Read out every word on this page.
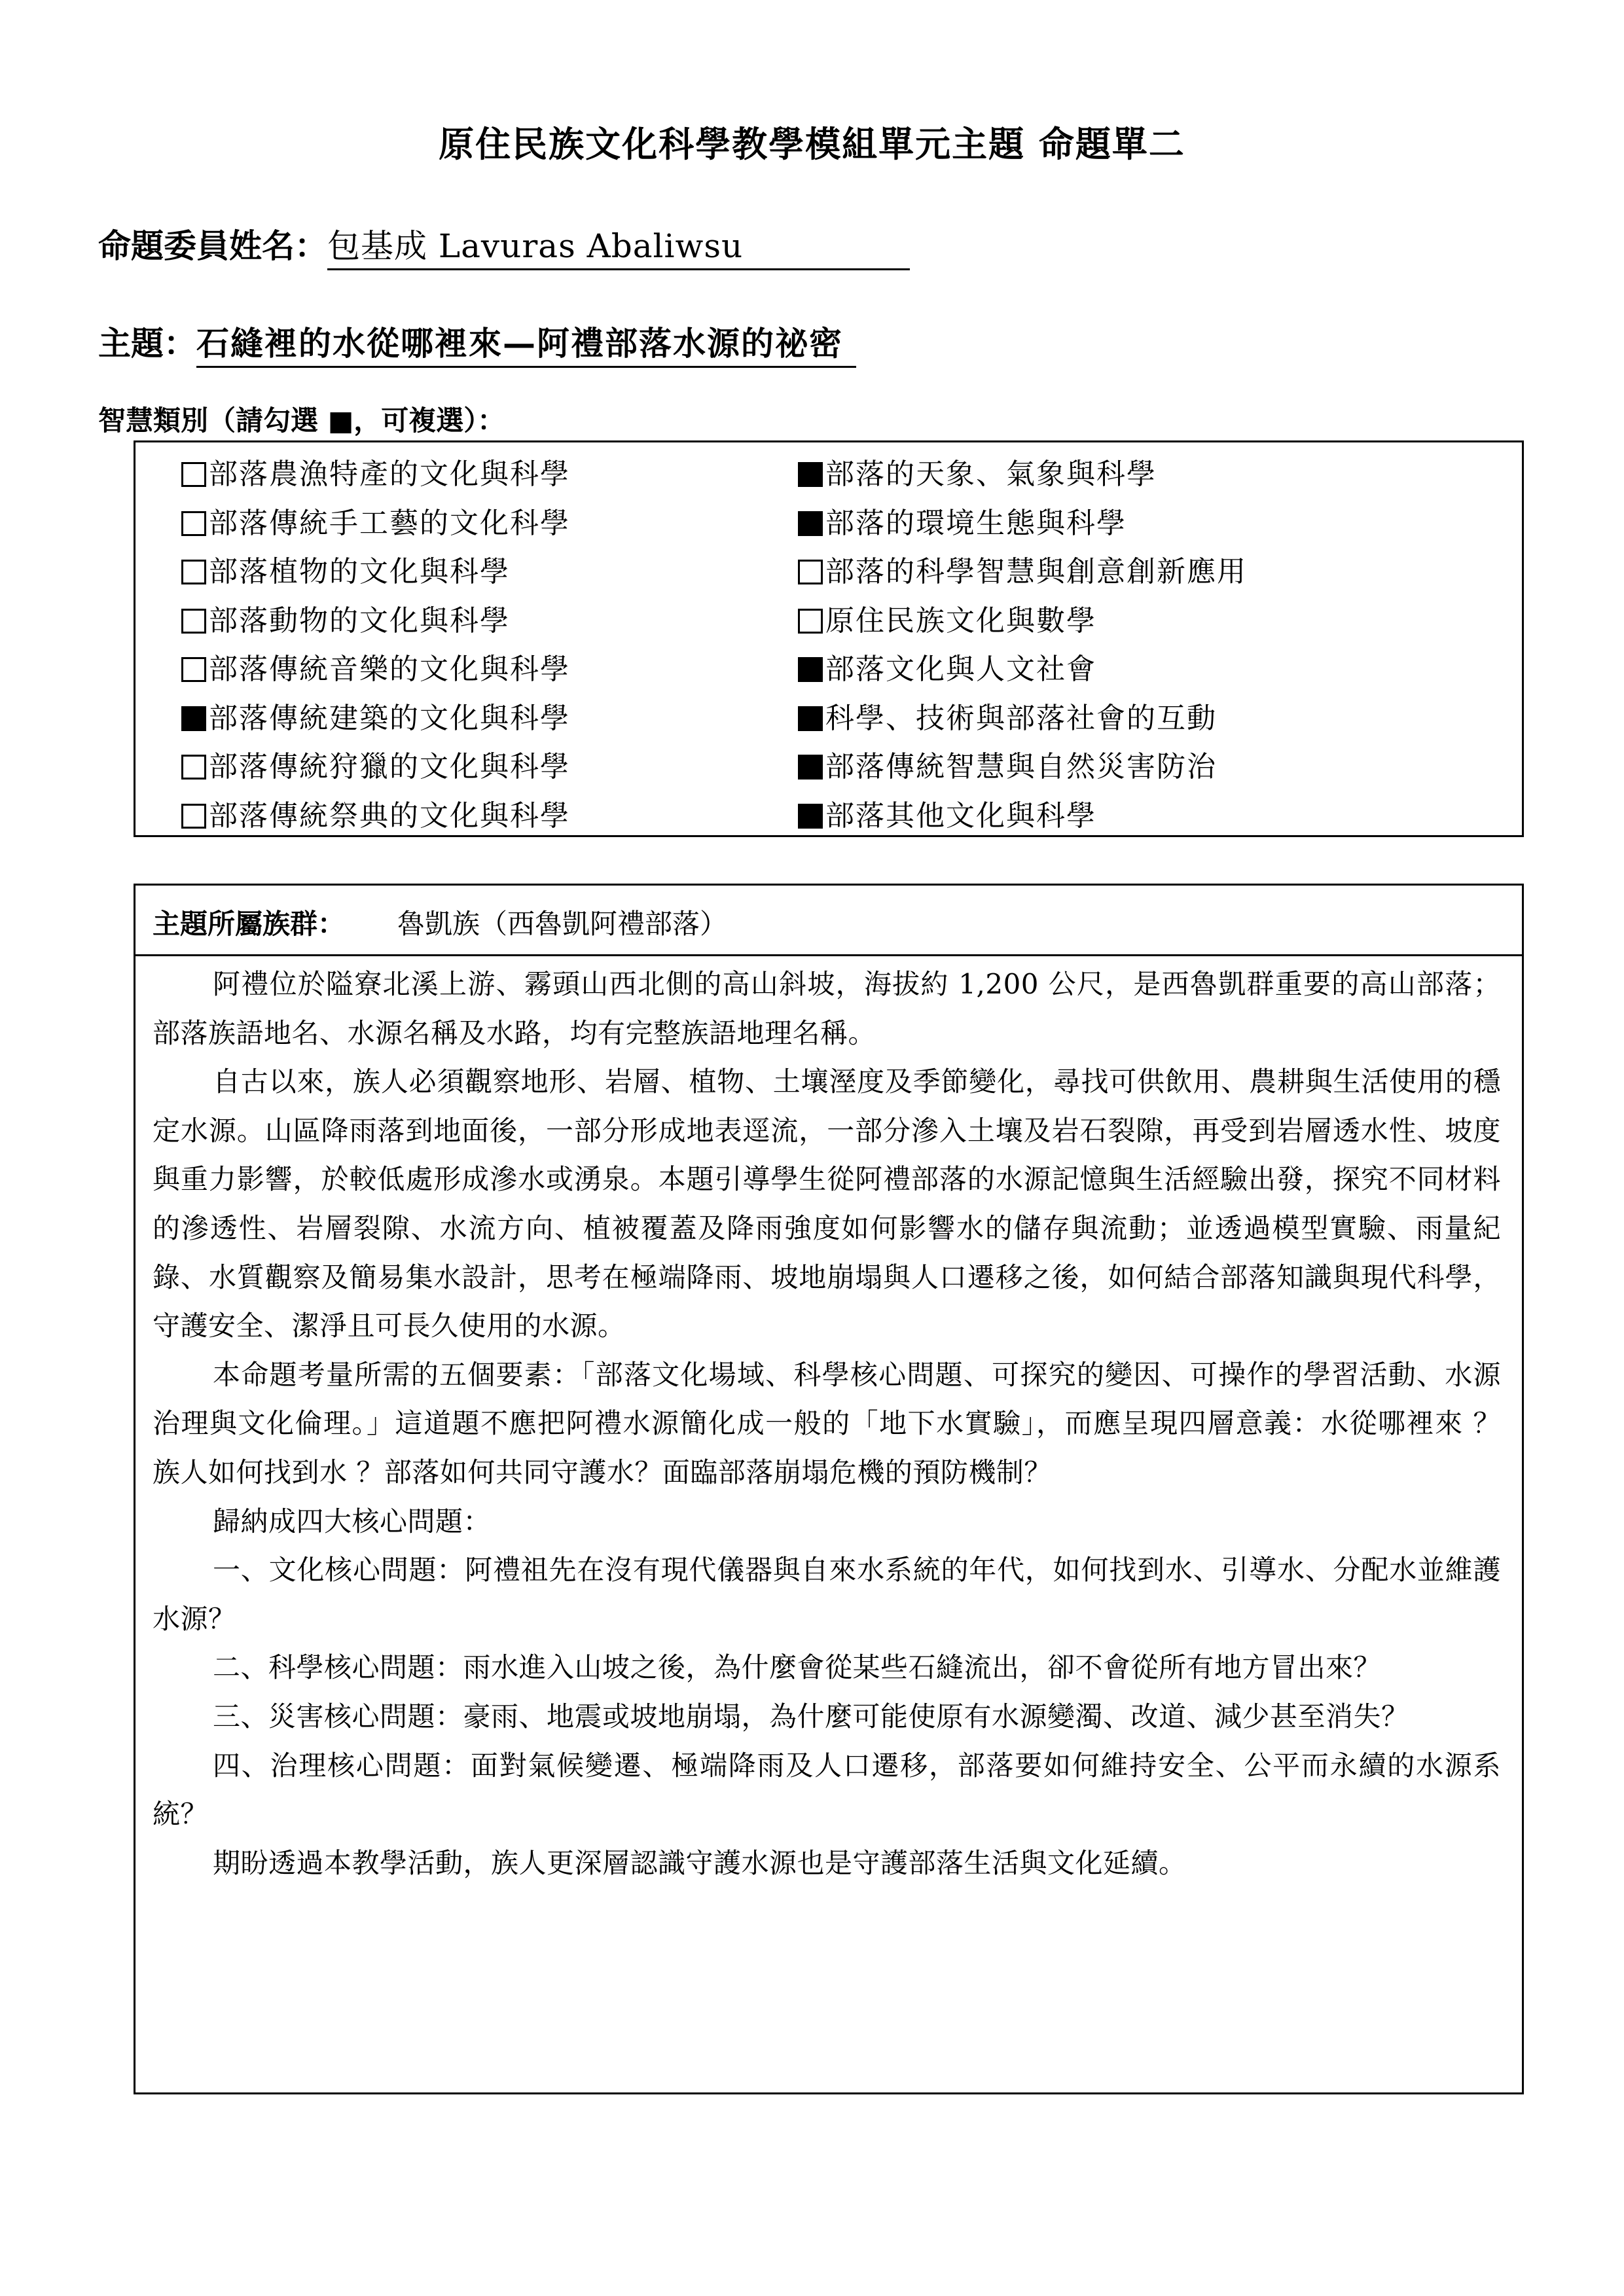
原住民族文化科學教學模組單元主題 命題單二
命題委員姓名：包基成 Lavuras Abaliwsu
主題：石縫裡的水從哪裡來—阿禮部落水源的祕密
智慧類別（請勾選 ■，可複選）：
部落農漁特產的文化與科學
部落傳統手工藝的文化科學
部落植物的文化與科學
部落動物的文化與科學
部落傳統音樂的文化與科學
部落傳統建築的文化與科學
部落傳統狩獵的文化與科學
部落傳統祭典的文化與科學
部落的天象、氣象與科學
部落的環境生態與科學
部落的科學智慧與創意創新應用
原住民族文化與數學
部落文化與人文社會
科學、技術與部落社會的互動
部落傳統智慧與自然災害防治
部落其他文化與科學
主題所屬族群： 魯凱族（西魯凱阿禮部落）

阿禮位於隘寮北溪上游、霧頭山西北側的高山斜坡，海拔約 1,200 公尺，是西魯凱群重要的高山部落；部落族語地名、水源名稱及水路，均有完整族語地理名稱。

自古以來，族人必須觀察地形、岩層、植物、土壤溼度及季節變化，尋找可供飲用、農耕與生活使用的穩定水源。山區降雨落到地面後，一部分形成地表逕流，一部分滲入土壤及岩石裂隙，再受到岩層透水性、坡度與重力影響，於較低處形成滲水或湧泉。本題引導學生從阿禮部落的水源記憶與生活經驗出發，探究不同材料的滲透性、岩層裂隙、水流方向、植被覆蓋及降雨強度如何影響水的儲存與流動；並透過模型實驗、雨量紀錄、水質觀察及簡易集水設計，思考在極端降雨、坡地崩塌與人口遷移之後，如何結合部落知識與現代科學，守護安全、潔淨且可長久使用的水源。

本命題考量所需的五個要素：「部落文化場域、科學核心問題、可探究的變因、可操作的學習活動、水源治理與文化倫理。」這道題不應把阿禮水源簡化成一般的「地下水實驗」，而應呈現四層意義：水從哪裡來 ？ 族人如何找到水 ？部落如何共同守護水？面臨部落崩塌危機的預防機制？

歸納成四大核心問題：

一、文化核心問題：阿禮祖先在沒有現代儀器與自來水系統的年代，如何找到水、引導水、分配水並維護水源？

二、科學核心問題：雨水進入山坡之後，為什麼會從某些石縫流出，卻不會從所有地方冒出來？

三、災害核心問題：豪雨、地震或坡地崩塌，為什麼可能使原有水源變濁、改道、減少甚至消失？

四、治理核心問題：面對氣候變遷、極端降雨及人口遷移，部落要如何維持安全、公平而永續的水源系統？

期盼透過本教學活動，族人更深層認識守護水源也是守護部落生活與文化延續。
